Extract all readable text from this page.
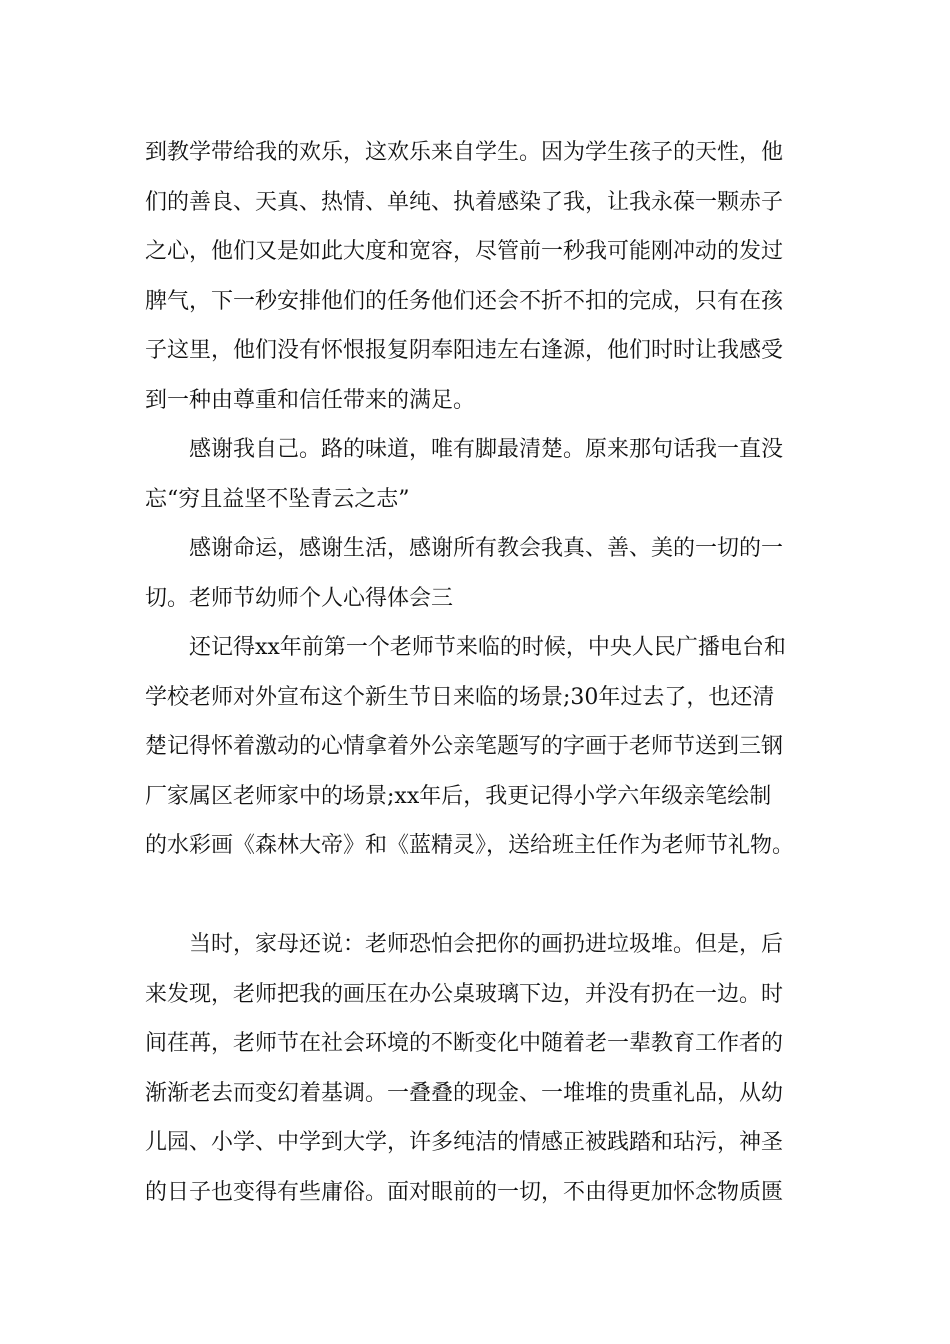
到教学带给我的欢乐，这欢乐来自学生。因为学生孩子的天性，他
们的善良、天真、热情、单纯、执着感染了我，让我永葆一颗赤子
之心，他们又是如此大度和宽容，尽管前一秒我可能刚冲动的发过
脾气，下一秒安排他们的任务他们还会不折不扣的完成，只有在孩
子这里，他们没有怀恨报复阴奉阳违左右逢源，他们时时让我感受
到一种由尊重和信任带来的满足。
感谢我自己。路的味道，唯有脚最清楚。原来那句话我一直没
忘“穷且益坚不坠青云之志”
感谢命运，感谢生活，感谢所有教会我真、善、美的一切的一
切。老师节幼师个人心得体会三
还记得xx年前第一个老师节来临的时候，中央人民广播电台和
学校老师对外宣布这个新生节日来临的场景;30年过去了，也还清
楚记得怀着激动的心情拿着外公亲笔题写的字画于老师节送到三钢
厂家属区老师家中的场景;xx年后，我更记得小学六年级亲笔绘制
的水彩画《森林大帝》和《蓝精灵》，送给班主任作为老师节礼物。
当时，家母还说：老师恐怕会把你的画扔进垃圾堆。但是，后
来发现，老师把我的画压在办公桌玻璃下边，并没有扔在一边。时
间荏苒，老师节在社会环境的不断变化中随着老一辈教育工作者的
渐渐老去而变幻着基调。一叠叠的现金、一堆堆的贵重礼品，从幼
儿园、小学、中学到大学，许多纯洁的情感正被践踏和玷污，神圣
的日子也变得有些庸俗。面对眼前的一切，不由得更加怀念物质匮
